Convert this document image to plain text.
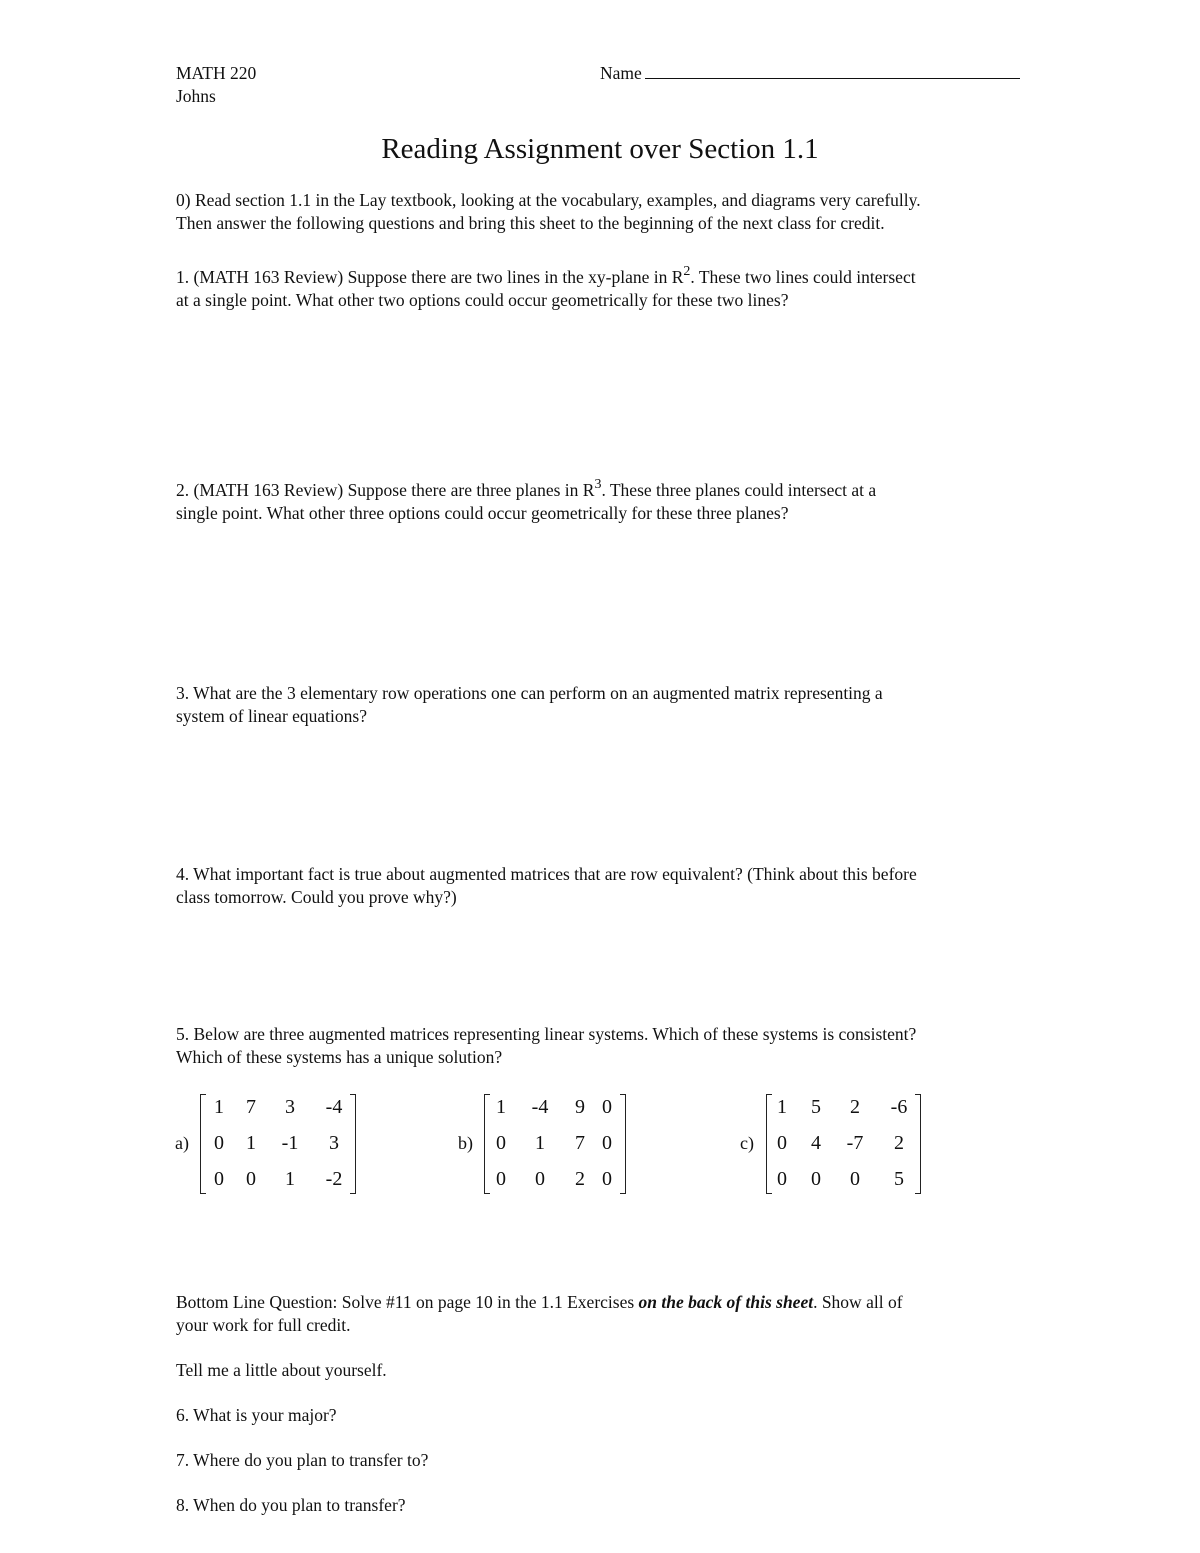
MATH 220
Johns
Name
Reading Assignment over Section 1.1
0) Read section 1.1 in the Lay textbook, looking at the vocabulary, examples, and diagrams very carefully.
Then answer the following questions and bring this sheet to the beginning of the next class for credit.
1. (MATH 163 Review) Suppose there are two lines in the xy-plane in $R^2$. These two lines could intersect
at a single point. What other two options could occur geometrically for these two lines?
2. (MATH 163 Review) Suppose there are three planes in $R^3$. These three planes could intersect at a
single point. What other three options could occur geometrically for these three planes?
3. What are the 3 elementary row operations one can perform on an augmented matrix representing a
system of linear equations?
4. What important fact is true about augmented matrices that are row equivalent? (Think about this before
class tomorrow. Could you prove why?)
5. Below are three augmented matrices representing linear systems. Which of these systems is consistent?
Which of these systems has a unique solution?
a)
1	7	3	-4
0	1	-1	3
0	0	1	-2
b)
1	-4	9 0
0	1	7 0
0	0	2 0
c)
1	5	2	-6
0	4	-7	2
0	0	0	5
Bottom Line Question: Solve #11 on page 10 in the 1.1 Exercises on the back of this sheet. Show all of
your work for full credit.
Tell me a little about yourself.
6. What is your major?
7. Where do you plan to transfer to?
8. When do you plan to transfer?
